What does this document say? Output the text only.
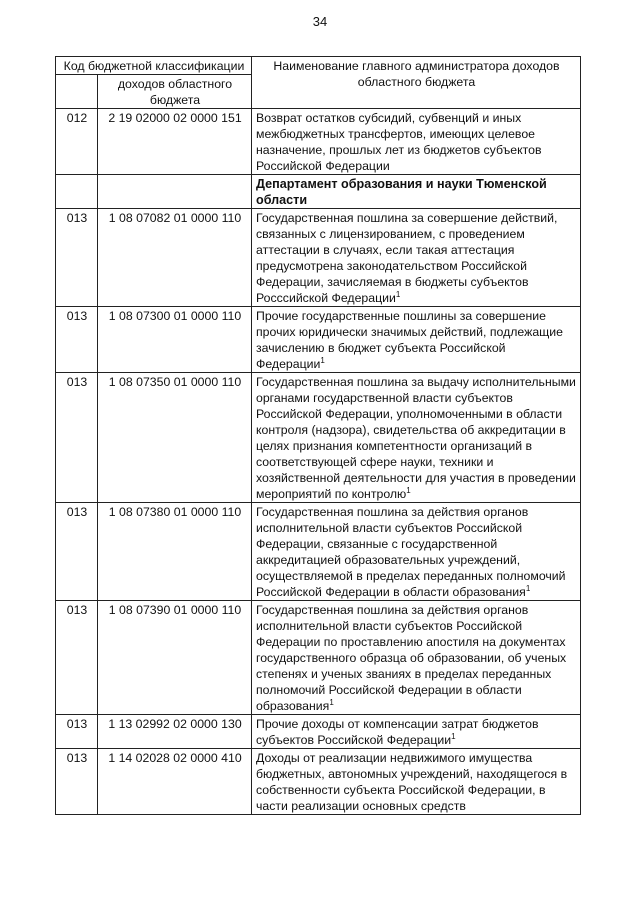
34
Код бюджетной классификации		Наименование главного администратора доходов областного бюджета
	доходов областного бюджета	
012	2 19 02000 02 0000 151	Возврат остатков субсидий, субвенций и иных межбюджетных трансфертов, имеющих целевое назначение, прошлых лет из бюджетов субъектов Российской Федерации
		Департамент образования и науки Тюменской области
013	1 08 07082 01 0000 110	Государственная пошлина за совершение действий, связанных с лицензированием, с проведением аттестации в случаях, если такая аттестация предусмотрена законодательством Российской Федерации, зачисляемая в бюджеты субъектов Россcийской Федерации$^1$
013	1 08 07300 01 0000 110	Прочие государственные пошлины за совершение прочих юридически значимых действий, подлежащие зачислению в бюджет субъекта Российской Федерации$^1$
013	1 08 07350 01 0000 110	Государственная пошлина за выдачу исполнительными органами государственной власти субъектов Российской Федерации, уполномоченными в области контроля (надзора), свидетельства об аккредитации в целях признания компетентности организаций в соответствующей сфере науки, техники и хозяйственной деятельности для участия в проведении мероприятий по контролю$^1$
013	1 08 07380 01 0000 110	Государственная пошлина за действия органов исполнительной власти субъектов Российской Федерации, связанные с государственной аккредитацией образовательных учреждений, осуществляемой в пределах переданных полномочий Российской Федерации в области образования$^1$
013	1 08 07390 01 0000 110	Государственная пошлина за действия органов исполнительной власти субъектов Российской Федерации по проставлению апостиля на документах государственного образца об образовании, об ученых степенях и ученых званиях в пределах переданных полномочий Российской Федерации в области образования$^1$
013	1 13 02992 02 0000 130	Прочие доходы от компенсации затрат бюджетов субъектов Российской Федерации$^1$
013	1 14 02028 02 0000 410	Доходы от реализации недвижимого имущества бюджетных, автономных учреждений, находящегося в собственности субъекта Российской Федерации, в части реализации основных средств
